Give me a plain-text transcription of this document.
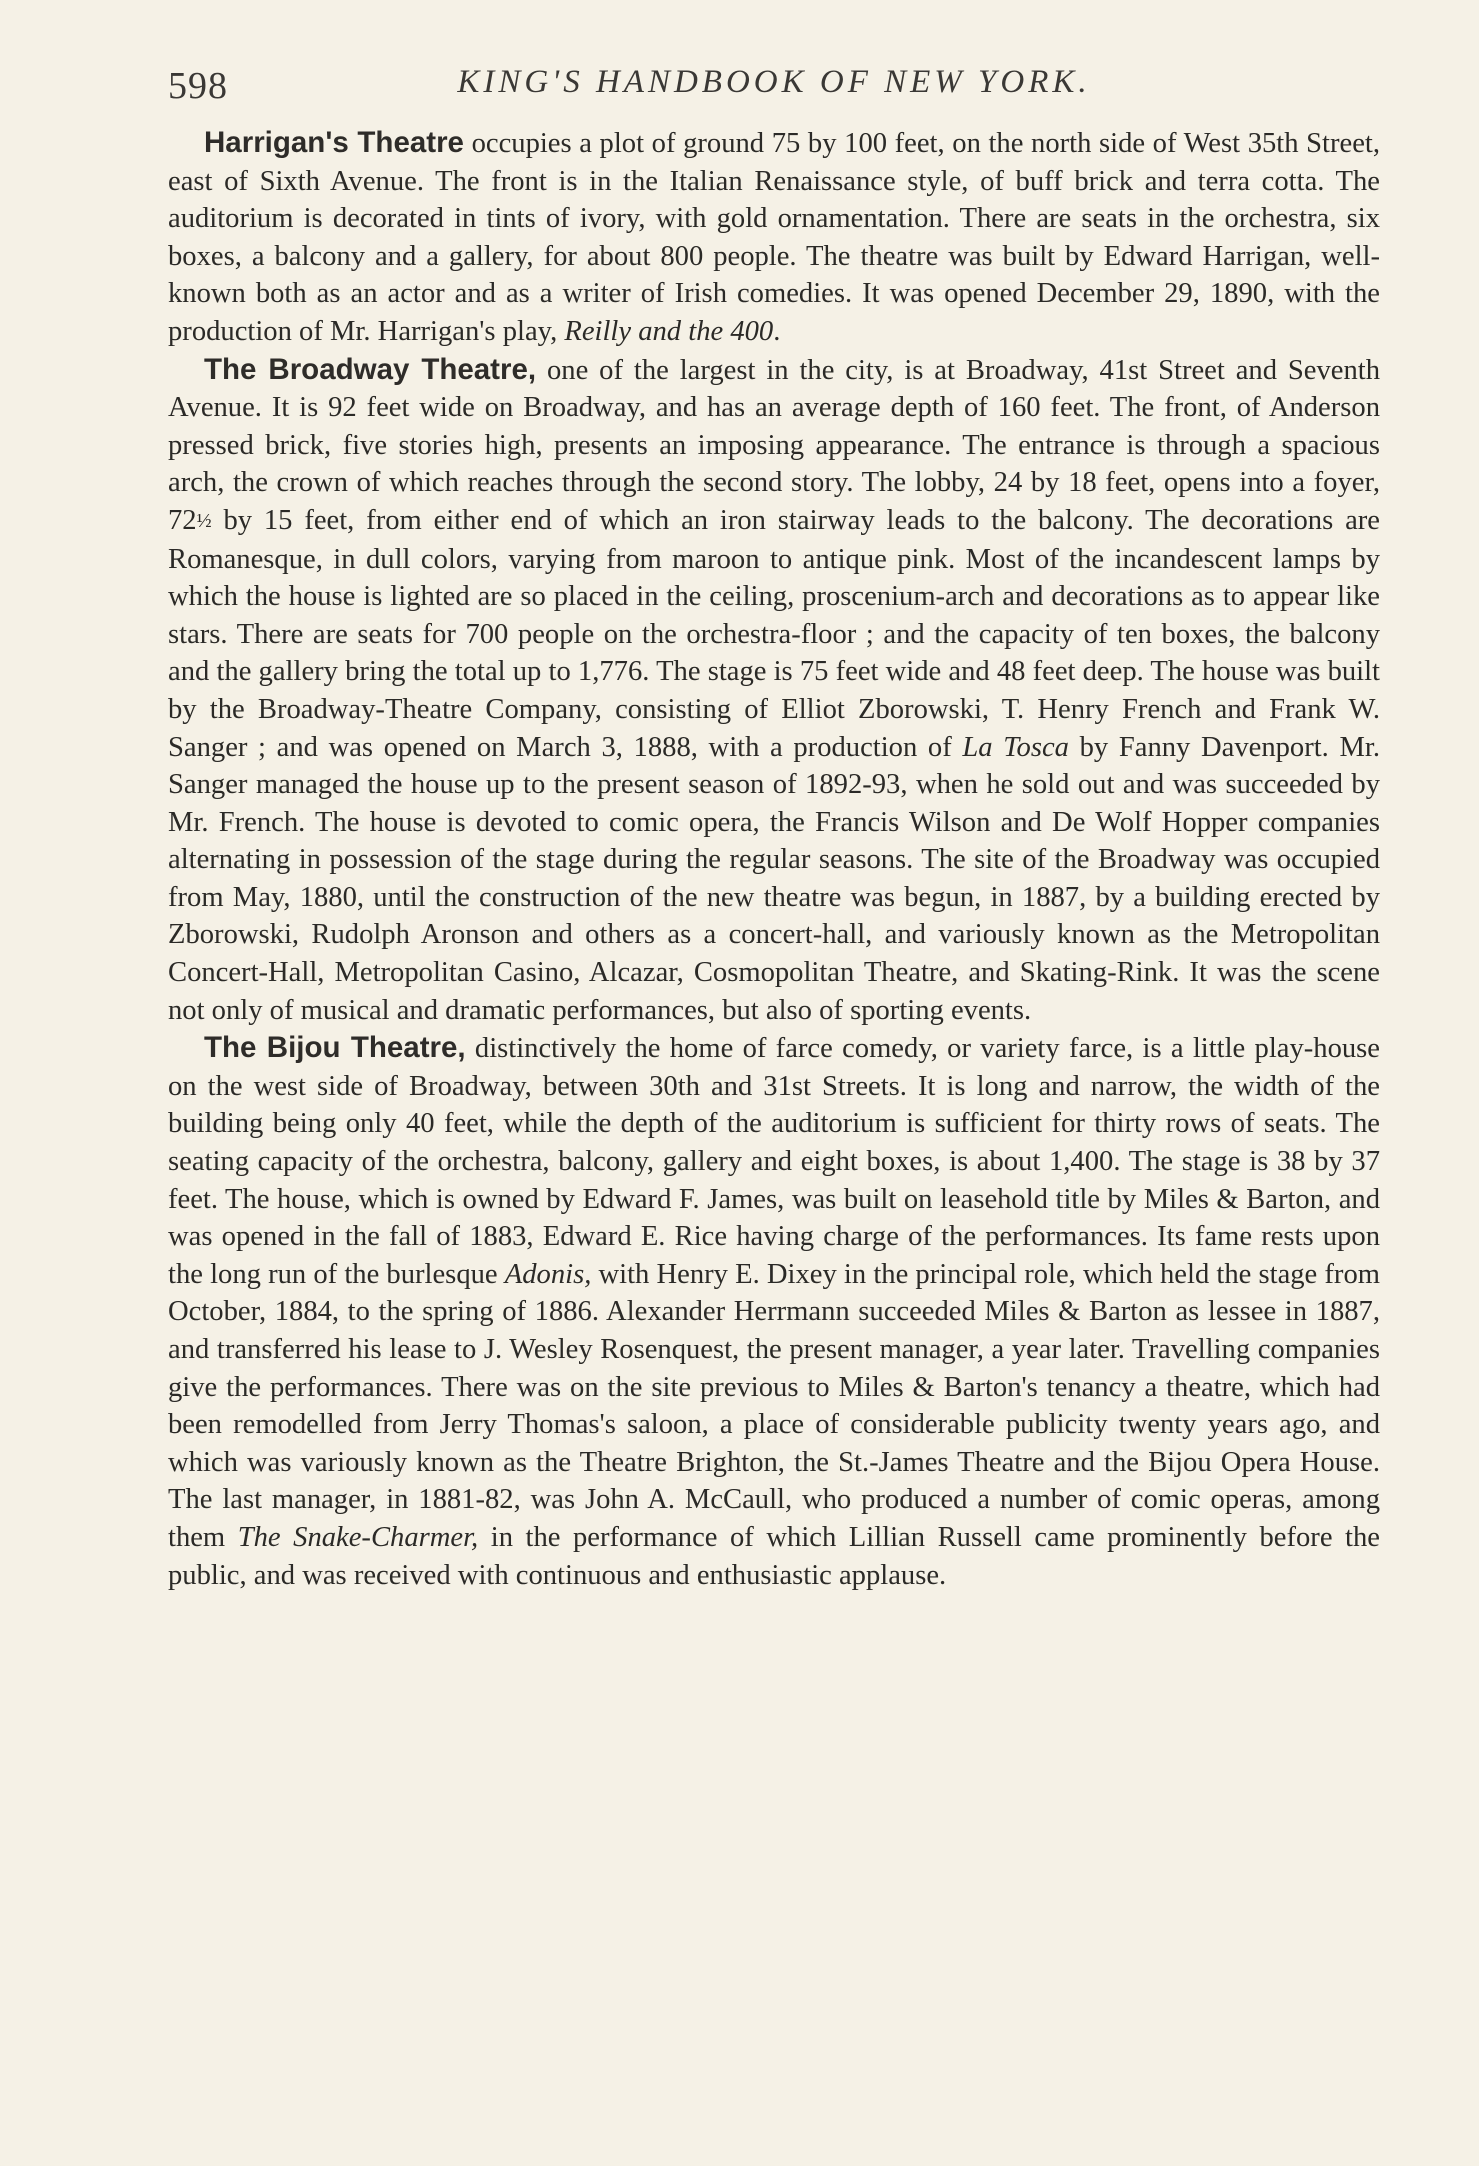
598	KING'S HANDBOOK OF NEW YORK.

Harrigan's Theatre occupies a plot of ground 75 by 100 feet, on the north side of West 35th Street, east of Sixth Avenue. The front is in the Italian Renaissance style, of buff brick and terra cotta. The auditorium is decorated in tints of ivory, with gold ornamentation. There are seats in the orchestra, six boxes, a balcony and a gallery, for about 800 people. The theatre was built by Edward Harrigan, well-known both as an actor and as a writer of Irish comedies. It was opened December 29, 1890, with the production of Mr. Harrigan's play, Reilly and the 400.

The Broadway Theatre, one of the largest in the city, is at Broadway, 41st Street and Seventh Avenue. It is 92 feet wide on Broadway, and has an average depth of 160 feet. The front, of Anderson pressed brick, five stories high, presents an imposing appearance. The entrance is through a spacious arch, the crown of which reaches through the second story. The lobby, 24 by 18 feet, opens into a foyer, 72½ by 15 feet, from either end of which an iron stairway leads to the balcony. The decorations are Romanesque, in dull colors, varying from maroon to antique pink. Most of the incandescent lamps by which the house is lighted are so placed in the ceiling, proscenium-arch and decorations as to appear like stars. There are seats for 700 people on the orchestra-floor ; and the capacity of ten boxes, the balcony and the gallery bring the total up to 1,776. The stage is 75 feet wide and 48 feet deep. The house was built by the Broadway-Theatre Company, consisting of Elliot Zborowski, T. Henry French and Frank W. Sanger ; and was opened on March 3, 1888, with a production of La Tosca by Fanny Davenport. Mr. Sanger managed the house up to the present season of 1892-93, when he sold out and was succeeded by Mr. French. The house is devoted to comic opera, the Francis Wilson and De Wolf Hopper companies alternating in possession of the stage during the regular seasons. The site of the Broadway was occupied from May, 1880, until the construction of the new theatre was begun, in 1887, by a building erected by Zborowski, Rudolph Aronson and others as a concert-hall, and variously known as the Metropolitan Concert-Hall, Metropolitan Casino, Alcazar, Cosmopolitan Theatre, and Skating-Rink. It was the scene not only of musical and dramatic performances, but also of sporting events.

The Bijou Theatre, distinctively the home of farce comedy, or variety farce, is a little play-house on the west side of Broadway, between 30th and 31st Streets. It is long and narrow, the width of the building being only 40 feet, while the depth of the auditorium is sufficient for thirty rows of seats. The seating capacity of the orchestra, balcony, gallery and eight boxes, is about 1,400. The stage is 38 by 37 feet. The house, which is owned by Edward F. James, was built on leasehold title by Miles & Barton, and was opened in the fall of 1883, Edward E. Rice having charge of the performances. Its fame rests upon the long run of the burlesque Adonis, with Henry E. Dixey in the principal role, which held the stage from October, 1884, to the spring of 1886. Alexander Herrmann succeeded Miles & Barton as lessee in 1887, and transferred his lease to J. Wesley Rosenquest, the present manager, a year later. Travelling companies give the performances. There was on the site previous to Miles & Barton's tenancy a theatre, which had been remodelled from Jerry Thomas's saloon, a place of considerable publicity twenty years ago, and which was variously known as the Theatre Brighton, the St.-James Theatre and the Bijou Opera House. The last manager, in 1881-82, was John A. McCaull, who produced a number of comic operas, among them The Snake-Charmer, in the performance of which Lillian Russell came prominently before the public, and was received with continuous and enthusiastic applause.
